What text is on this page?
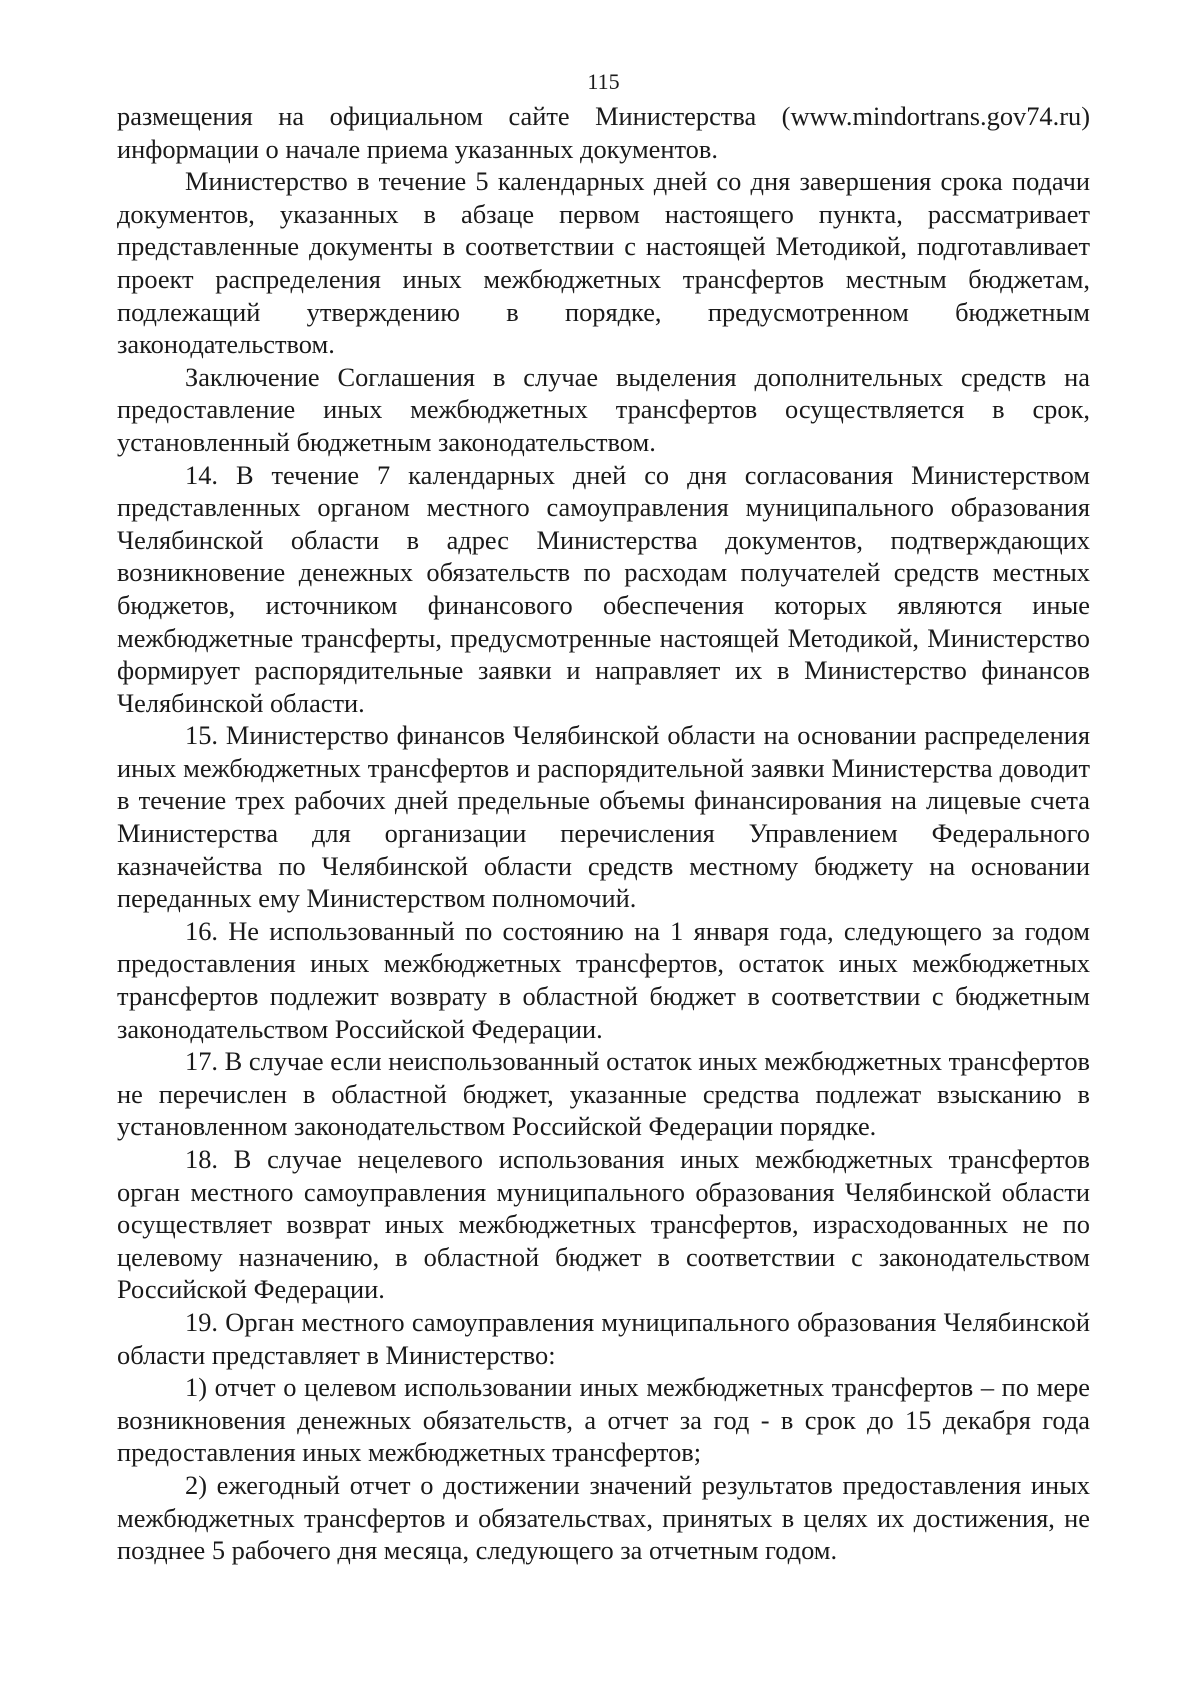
115

размещения на официальном сайте Министерства (www.mindortrans.gov74.ru) информации о начале приема указанных документов.

Министерство в течение 5 календарных дней со дня завершения срока подачи документов, указанных в абзаце первом настоящего пункта, рассматривает представленные документы в соответствии с настоящей Методикой, подготавливает проект распределения иных межбюджетных трансфертов местным бюджетам, подлежащий утверждению в порядке, предусмотренном бюджетным законодательством.

Заключение Соглашения в случае выделения дополнительных средств на предоставление иных межбюджетных трансфертов осуществляется в срок, установленный бюджетным законодательством.

14. В течение 7 календарных дней со дня согласования Министерством представленных органом местного самоуправления муниципального образования Челябинской области в адрес Министерства документов, подтверждающих возникновение денежных обязательств по расходам получателей средств местных бюджетов, источником финансового обеспечения которых являются иные межбюджетные трансферты, предусмотренные настоящей Методикой, Министерство формирует распорядительные заявки и направляет их в Министерство финансов Челябинской области.

15. Министерство финансов Челябинской области на основании распределения иных межбюджетных трансфертов и распорядительной заявки Министерства доводит в течение трех рабочих дней предельные объемы финансирования на лицевые счета Министерства для организации перечисления Управлением Федерального казначейства по Челябинской области средств местному бюджету на основании переданных ему Министерством полномочий.

16. Не использованный по состоянию на 1 января года, следующего за годом предоставления иных межбюджетных трансфертов, остаток иных межбюджетных трансфертов подлежит возврату в областной бюджет в соответствии с бюджетным законодательством Российской Федерации.

17. В случае если неиспользованный остаток иных межбюджетных трансфертов не перечислен в областной бюджет, указанные средства подлежат взысканию в установленном законодательством Российской Федерации порядке.

18. В случае нецелевого использования иных межбюджетных трансфертов орган местного самоуправления муниципального образования Челябинской области осуществляет возврат иных межбюджетных трансфертов, израсходованных не по целевому назначению, в областной бюджет в соответствии с законодательством Российской Федерации.

19. Орган местного самоуправления муниципального образования Челябинской области представляет в Министерство:

1) отчет о целевом использовании иных межбюджетных трансфертов – по мере возникновения денежных обязательств, а отчет за год - в срок до 15 декабря года предоставления иных межбюджетных трансфертов;

2) ежегодный отчет о достижении значений результатов предоставления иных межбюджетных трансфертов и обязательствах, принятых в целях их достижения, не позднее 5 рабочего дня месяца, следующего за отчетным годом.
